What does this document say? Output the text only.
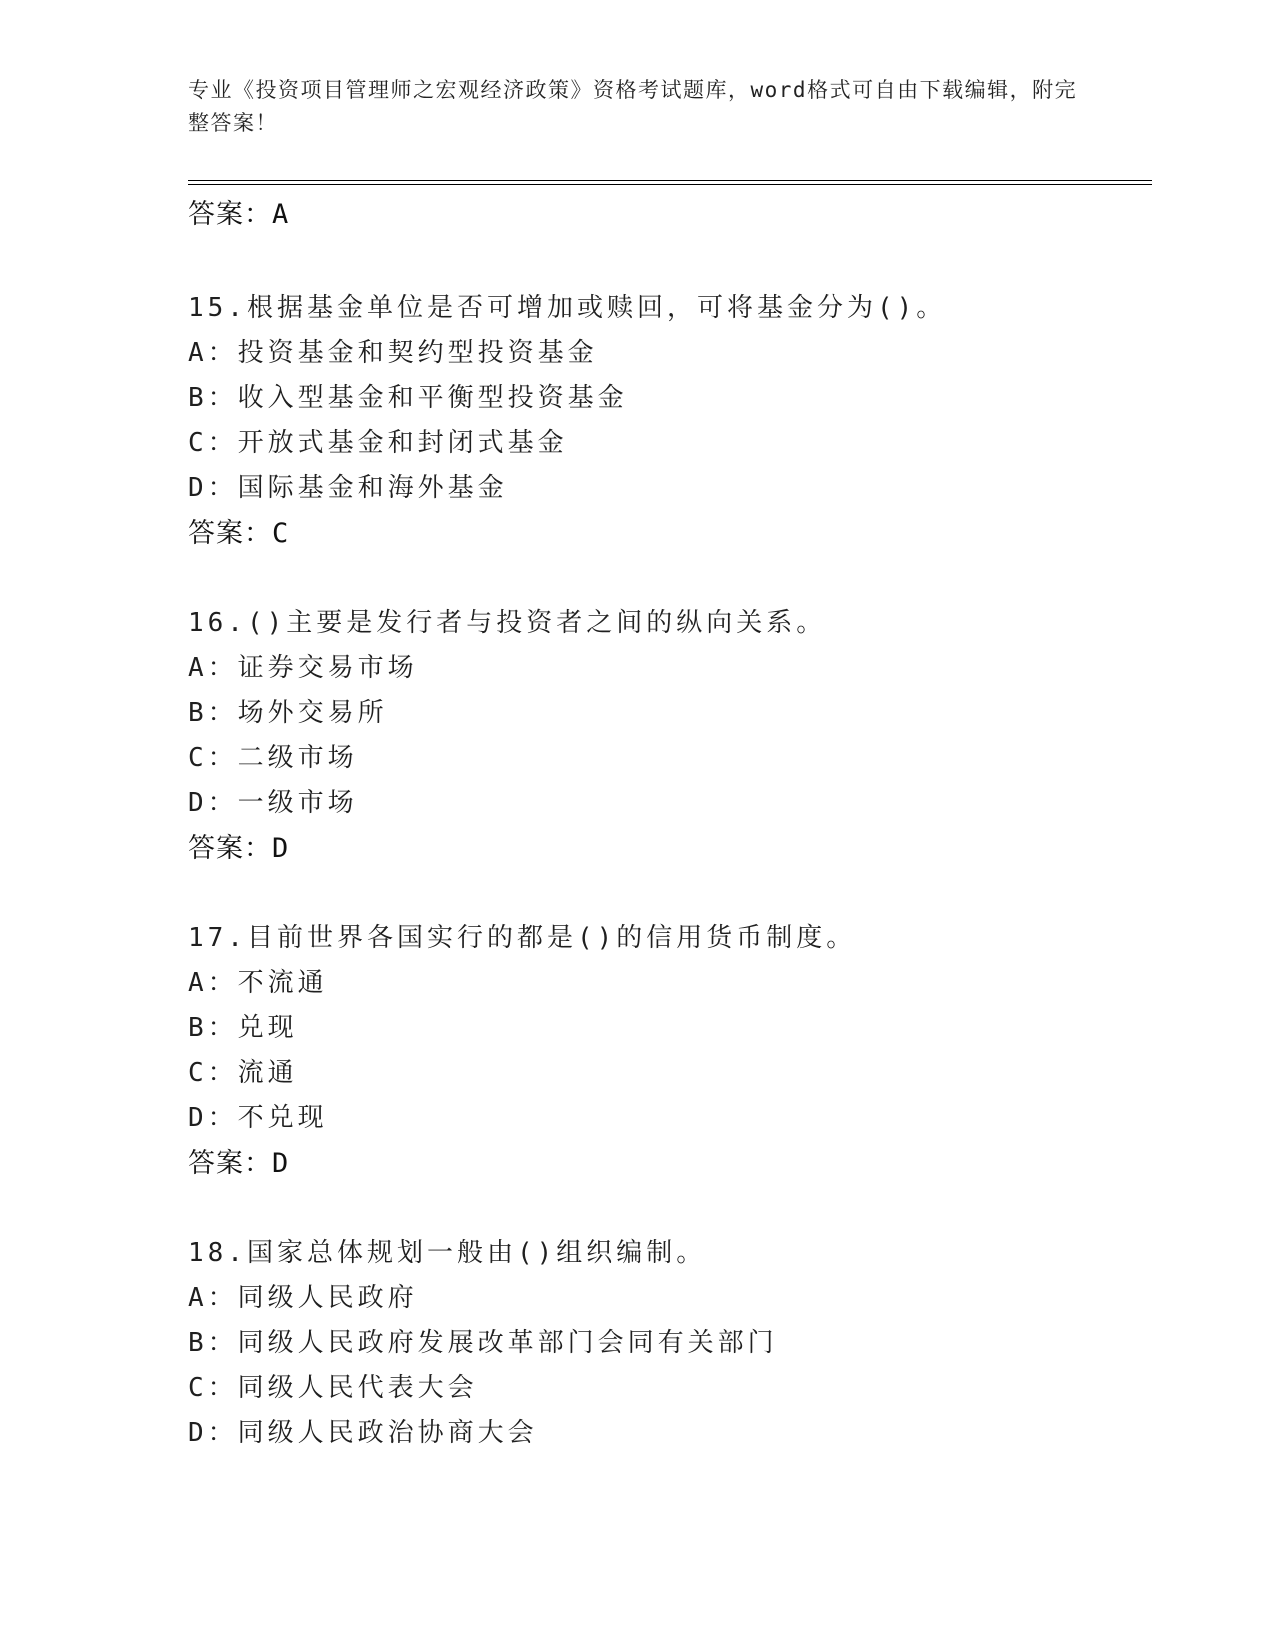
专业《投资项目管理师之宏观经济政策》资格考试题库，word格式可自由下载编辑，附完整答案！
答案：A
15.根据基金单位是否可增加或赎回，可将基金分为()。
A：投资基金和契约型投资基金
B：收入型基金和平衡型投资基金
C：开放式基金和封闭式基金
D：国际基金和海外基金
答案：C
16.()主要是发行者与投资者之间的纵向关系。
A：证券交易市场
B：场外交易所
C：二级市场
D：一级市场
答案：D
17.目前世界各国实行的都是()的信用货币制度。
A：不流通
B：兑现
C：流通
D：不兑现
答案：D
18.国家总体规划一般由()组织编制。
A：同级人民政府
B：同级人民政府发展改革部门会同有关部门
C：同级人民代表大会
D：同级人民政治协商大会
